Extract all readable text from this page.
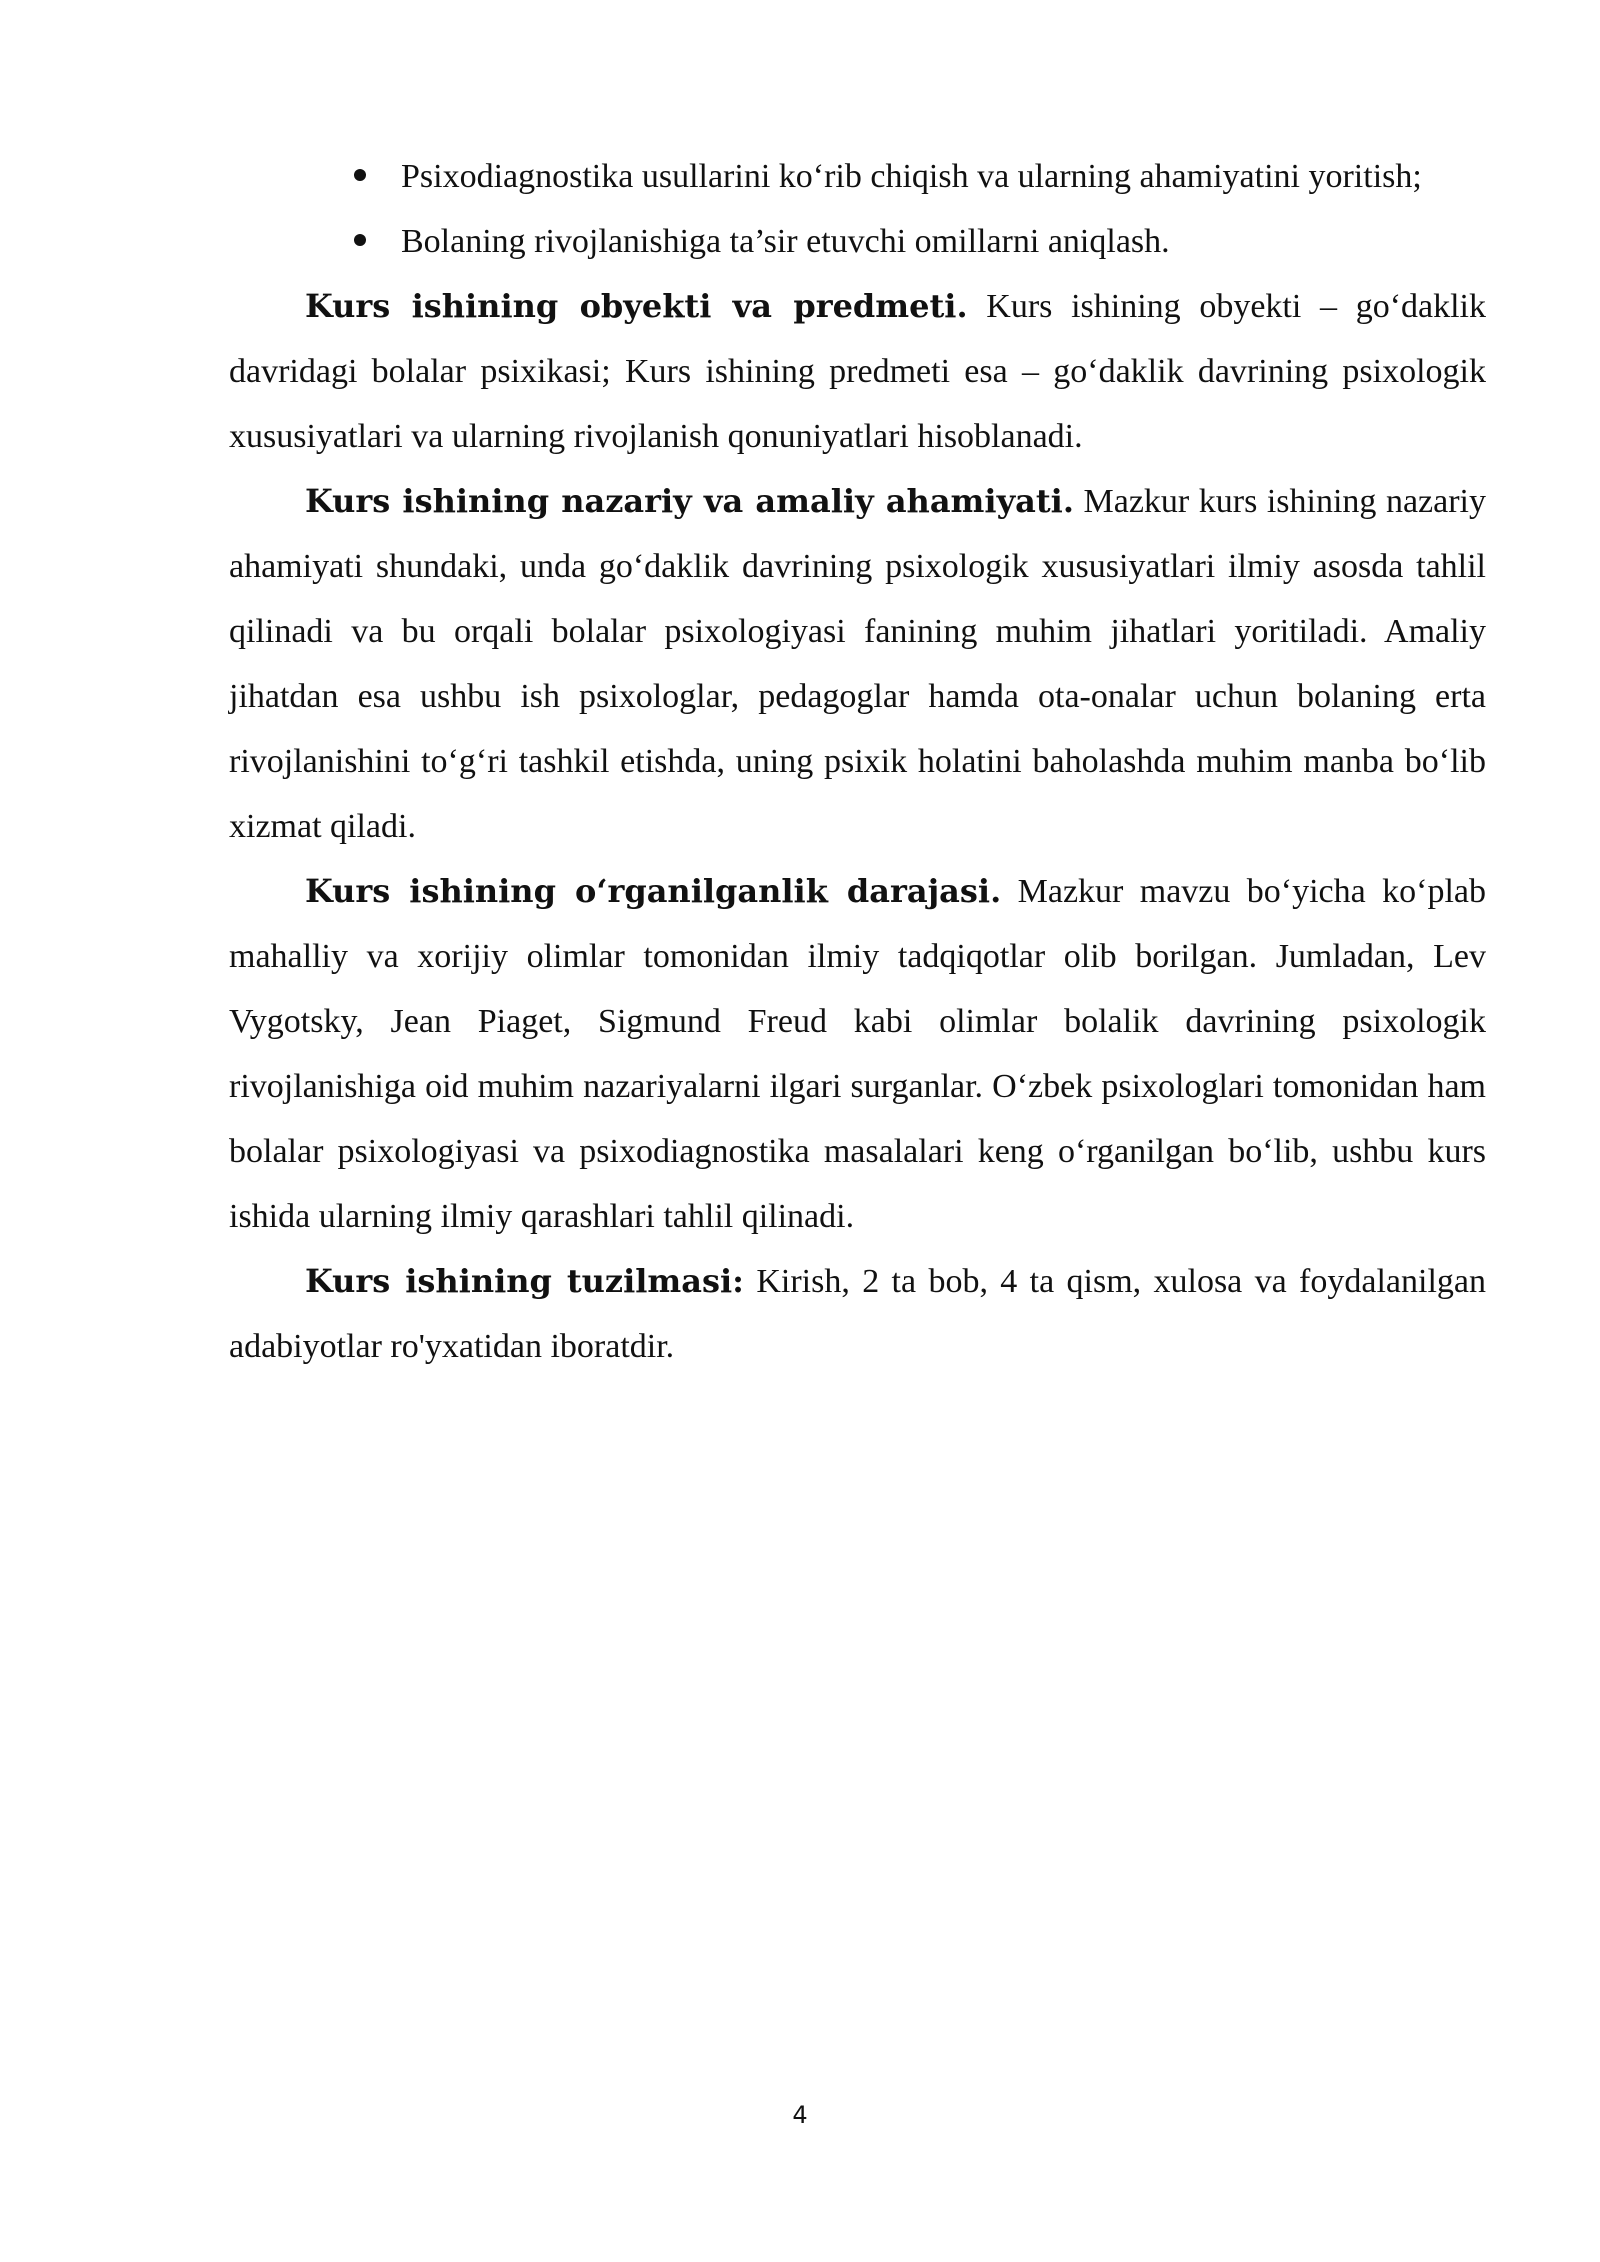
Psixodiagnostika usullarini ko‘rib chiqish va ularning ahamiyatini yoritish;
Bolaning rivojlanishiga ta’sir etuvchi omillarni aniqlash.

Kurs ishining obyekti va predmeti. Kurs ishining obyekti – go‘daklik davridagi bolalar psixikasi; Kurs ishining predmeti esa – go‘daklik davrining psixologik xususiyatlari va ularning rivojlanish qonuniyatlari hisoblanadi.

Kurs ishining nazariy va amaliy ahamiyati. Mazkur kurs ishining nazariy ahamiyati shundaki, unda go‘daklik davrining psixologik xususiyatlari ilmiy asosda tahlil qilinadi va bu orqali bolalar psixologiyasi fanining muhim jihatlari yoritiladi. Amaliy jihatdan esa ushbu ish psixologlar, pedagoglar hamda ota-onalar uchun bolaning erta rivojlanishini to‘g‘ri tashkil etishda, uning psixik holatini baholashda muhim manba bo‘lib xizmat qiladi.

Kurs ishining o‘rganilganlik darajasi. Mazkur mavzu bo‘yicha ko‘plab mahalliy va xorijiy olimlar tomonidan ilmiy tadqiqotlar olib borilgan. Jumladan, Lev Vygotsky, Jean Piaget, Sigmund Freud kabi olimlar bolalik davrining psixologik rivojlanishiga oid muhim nazariyalarni ilgari surganlar. O‘zbek psixologlari tomonidan ham bolalar psixologiyasi va psixodiagnostika masalalari keng o‘rganilgan bo‘lib, ushbu kurs ishida ularning ilmiy qarashlari tahlil qilinadi.

Kurs ishining tuzilmasi: Kirish, 2 ta bob, 4 ta qism, xulosa va foydalanilgan adabiyotlar ro'yxatidan iboratdir.

4
